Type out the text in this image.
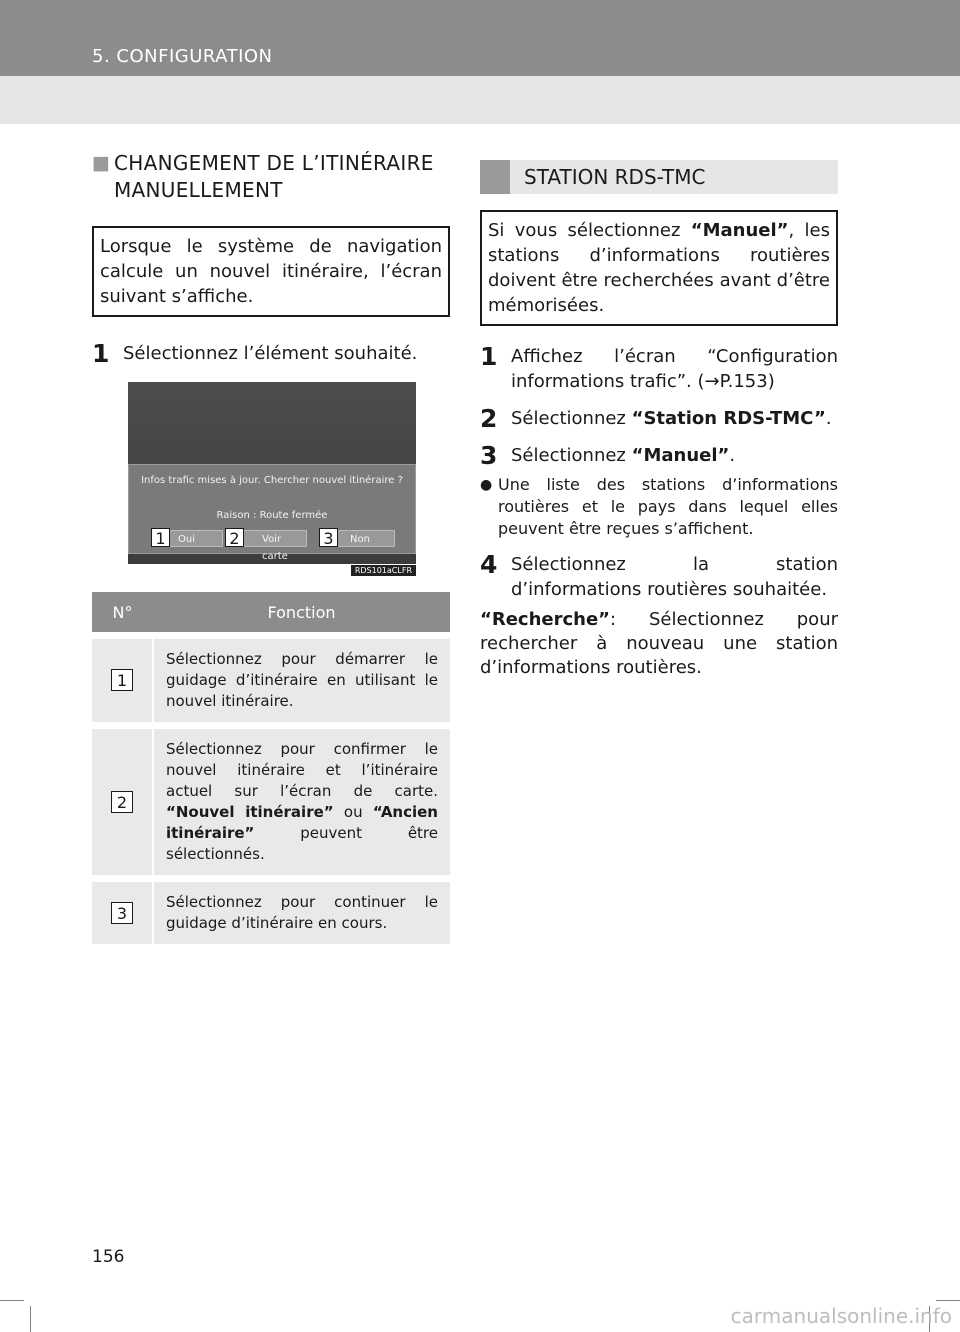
5. CONFIGURATION
■ CHANGEMENT DE L’ITINÉRAIRE
MANUELLEMENT
Lorsque le système de navigation calcule un nouvel itinéraire, l’écran suivant s’affiche.
1 Sélectionnez l’élément souhaité.
Infos trafic mises à jour. Chercher nouvel itinéraire ?
Raison : Route fermée
Oui	Voir carte
Non
1	2	3
RDS101aCLFR
N°	Fonction
1	Sélectionnez pour démarrer le guidage d’itinéraire en utilisant le nouvel itinéraire.
2	Sélectionnez pour confirmer le nouvel itinéraire et l’itinéraire actuel sur l’écran de carte. “Nouvel itinéraire” ou “Ancien itinéraire” peuvent être sélectionnés.
3	Sélectionnez pour continuer le guidage d’itinéraire en cours.
STATION RDS-TMC
Si vous sélectionnez “Manuel”, les stations d’informations routières doivent être recherchées avant d’être mémorisées.
1 Affichez l’écran “Configuration informations trafic”. (→P.153)
2 Sélectionnez “Station RDS-TMC”.
3 Sélectionnez “Manuel”.
● Une liste des stations d’informations routières et le pays dans lequel elles peuvent être reçues s’affichent.
4 Sélectionnez la station d’informations routières souhaitée.
“Recherche”: Sélectionnez pour rechercher à nouveau une station d’informations routières.
156
carmanualsonline.info
